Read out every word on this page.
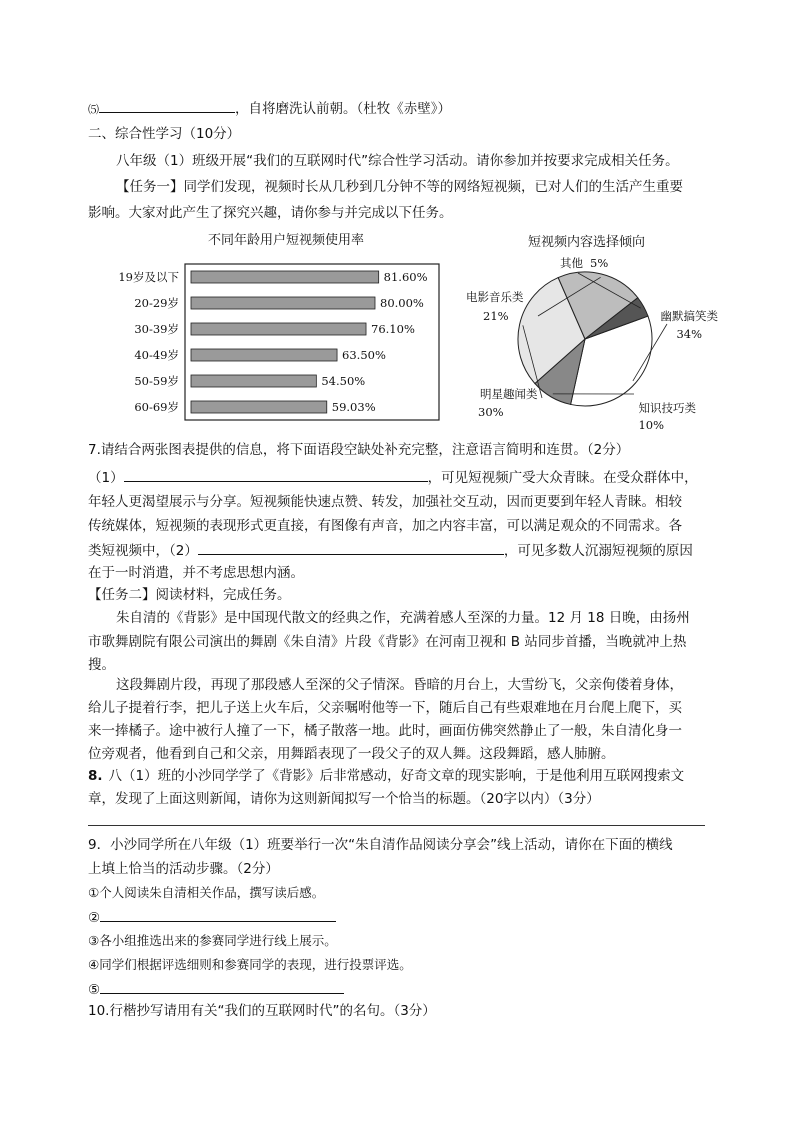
⑸	，自将磨洗认前朝。（杜牧《赤壁》）
二、综合性学习（10分）
八年级（1）班级开展“我们的互联网时代”综合性学习活动。请你参加并按要求完成相关任务。
【任务一】同学们发现，视频时长从几秒到几分钟不等的网络短视频，已对人们的生活产生重要
影响。大家对此产生了探究兴趣，请你参与并完成以下任务。
不同年龄用户短视频使用率
19岁及以下	81.60%
20-29岁	80.00%
30-39岁	76.10%
40-49岁	63.50%
50-59岁	54.50%
60-69岁	59.03%
短视频内容选择倾向
幽默搞笑类
34%
知识技巧类
10%
明星趣闻类
30%
电影音乐类
21%
其他 5%
7.请结合两张图表提供的信息，将下面语段空缺处补充完整，注意语言简明和连贯。（2分）
（1）	，可见短视频广受大众青睐。在受众群体中，
年轻人更渴望展示与分享。短视频能快速点赞、转发，加强社交互动，因而更要到年轻人青睐。相较
传统媒体，短视频的表现形式更直接，有图像有声音，加之内容丰富，可以满足观众的不同需求。各
类短视频中，（2）	，可见多数人沉溺短视频的原因
在于一时消遣，并不考虑思想内涵。
【任务二】阅读材料，完成任务。
朱自清的《背影》是中国现代散文的经典之作，充满着感人至深的力量。12 月 18 日晚，由扬州
市歌舞剧院有限公司演出的舞剧《朱自清》片段《背影》在河南卫视和 B 站同步首播，当晚就冲上热
搜。
这段舞剧片段，再现了那段感人至深的父子情深。昏暗的月台上，大雪纷飞，父亲佝偻着身体，
给儿子提着行李，把儿子送上火车后，父亲嘱咐他等一下，随后自己有些艰难地在月台爬上爬下，买
来一捧橘子。途中被行人撞了一下，橘子散落一地。此时，画面仿佛突然静止了一般，朱自清化身一
位旁观者，他看到自己和父亲，用舞蹈表现了一段父子的双人舞。这段舞蹈，感人肺腑。
8. 八（1）班的小沙同学学了《背影》后非常感动，好奇文章的现实影响，于是他利用互联网搜索文
章，发现了上面这则新闻，请你为这则新闻拟写一个恰当的标题。（20字以内）（3分）
9．小沙同学所在八年级（1）班要举行一次“朱自清作品阅读分享会”线上活动，请你在下面的横线
上填上恰当的活动步骤。（2分）
①个人阅读朱自清相关作品，撰写读后感。
②
③各小组推选出来的参赛同学进行线上展示。
④同学们根据评选细则和参赛同学的表现，进行投票评选。
⑤
10.行楷抄写请用有关“我们的互联网时代”的名句。（3分）
